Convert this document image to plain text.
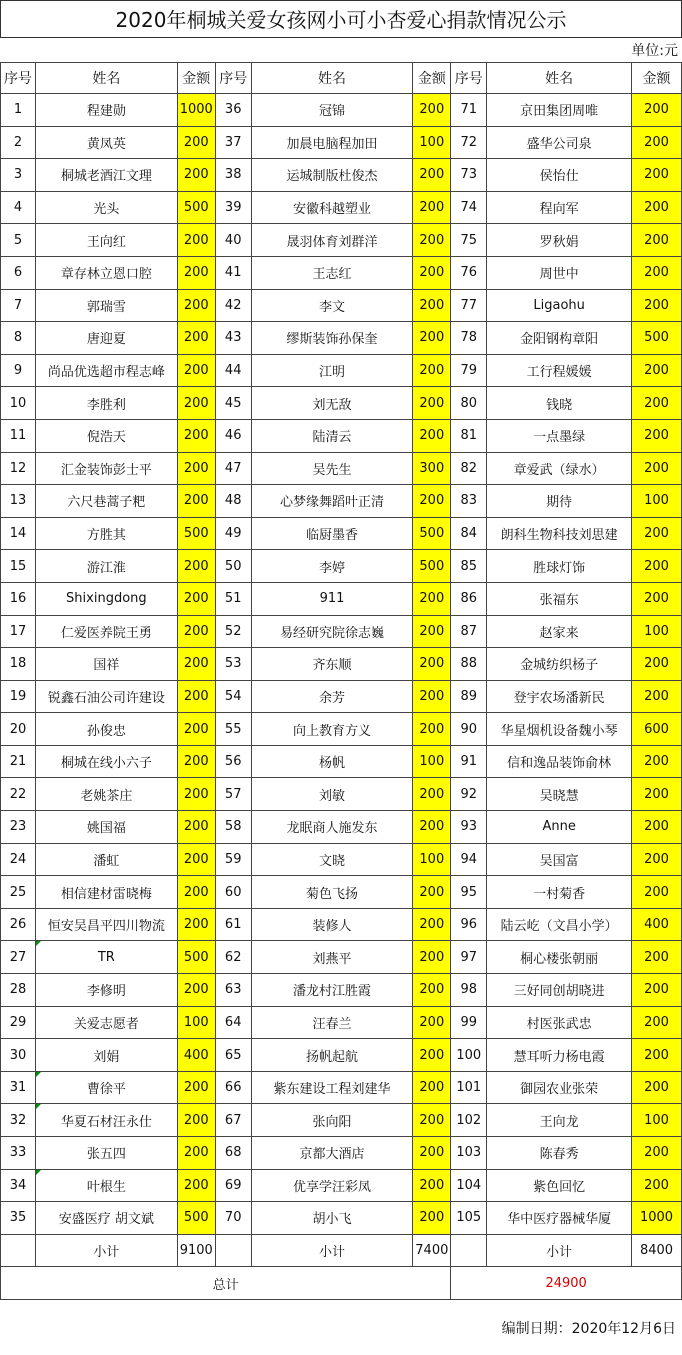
2020年桐城关爱女孩网小可小杏爱心捐款情况公示
单位:元
序号	姓名	金额	序号	姓名	金额	序号	姓名	金额
1	程建勋	1000	36	冠锦	200	71	京田集团周唯	200
2	黄凤英	200	37	加晨电脑程加田	100	72	盛华公司泉	200
3	桐城老酒江文理	200	38	运城制版杜俊杰	200	73	侯怡仕	200
4	光头	500	39	安徽科越塑业	200	74	程向军	200
5	王向红	200	40	晟羽体育刘群洋	200	75	罗秋娟	200
6	章存林立恩口腔	200	41	王志红	200	76	周世中	200
7	郭瑞雪	200	42	李文	200	77	Ligaohu	200
8	唐迎夏	200	43	缪斯装饰孙保奎	200	78	金阳钢构章阳	500
9	尚品优选超市程志峰	200	44	江明	200	79	工行程媛媛	200
10	李胜利	200	45	刘无敌	200	80	钱晓	200
11	倪浩天	200	46	陆清云	200	81	一点墨绿	200
12	汇金装饰彭士平	200	47	吴先生	300	82	章爱武（绿水）	200
13	六尺巷蒿子粑	200	48	心梦缘舞蹈叶正清	200	83	期待	100
14	方胜其	500	49	临厨墨香	500	84	朗科生物科技刘思建	200
15	游江淮	200	50	李婷	500	85	胜球灯饰	200
16	Shixingdong	200	51	911	200	86	张福东	200
17	仁爱医养院王勇	200	52	易经研究院徐志巍	200	87	赵家来	100
18	国祥	200	53	齐东顺	200	88	金城纺织杨子	200
19	锐鑫石油公司许建设	200	54	余芳	200	89	登宇农场潘新民	200
20	孙俊忠	200	55	向上教育方义	200	90	华星烟机设备魏小琴	600
21	桐城在线小六子	200	56	杨帆	100	91	信和逸品装饰俞林	200
22	老姚茶庄	200	57	刘敏	200	92	吴晓慧	200
23	姚国福	200	58	龙眠商人施发东	200	93	Anne	200
24	潘虹	200	59	文晓	100	94	吴国富	200
25	相信建材雷晓梅	200	60	菊色飞扬	200	95	一村菊香	200
26	恒安吴昌平四川物流	200	61	装修人	200	96	陆云屹（文昌小学）	400
27	TR	500	62	刘燕平	200	97	桐心楼张朝丽	200
28	李修明	200	63	潘龙村江胜霞	200	98	三好同创胡晓进	200
29	关爱志愿者	100	64	汪春兰	200	99	村医张武忠	200
30	刘娟	400	65	扬帆起航	200	100	慧耳听力杨电霞	200
31	曹徐平	200	66	紫东建设工程刘建华	200	101	御园农业张荣	200
32	华夏石材汪永仕	200	67	张向阳	200	102	王向龙	100
33	张五四	200	68	京都大酒店	200	103	陈春秀	200
34	叶根生	200	69	优享学汪彩凤	200	104	紫色回忆	200
35	安盛医疗 胡文斌	500	70	胡小飞	200	105	华中医疗器械华厦	1000
	小计	9100		小计	7400		小计	8400
总计						24900		
编制日期：2020年12月6日
